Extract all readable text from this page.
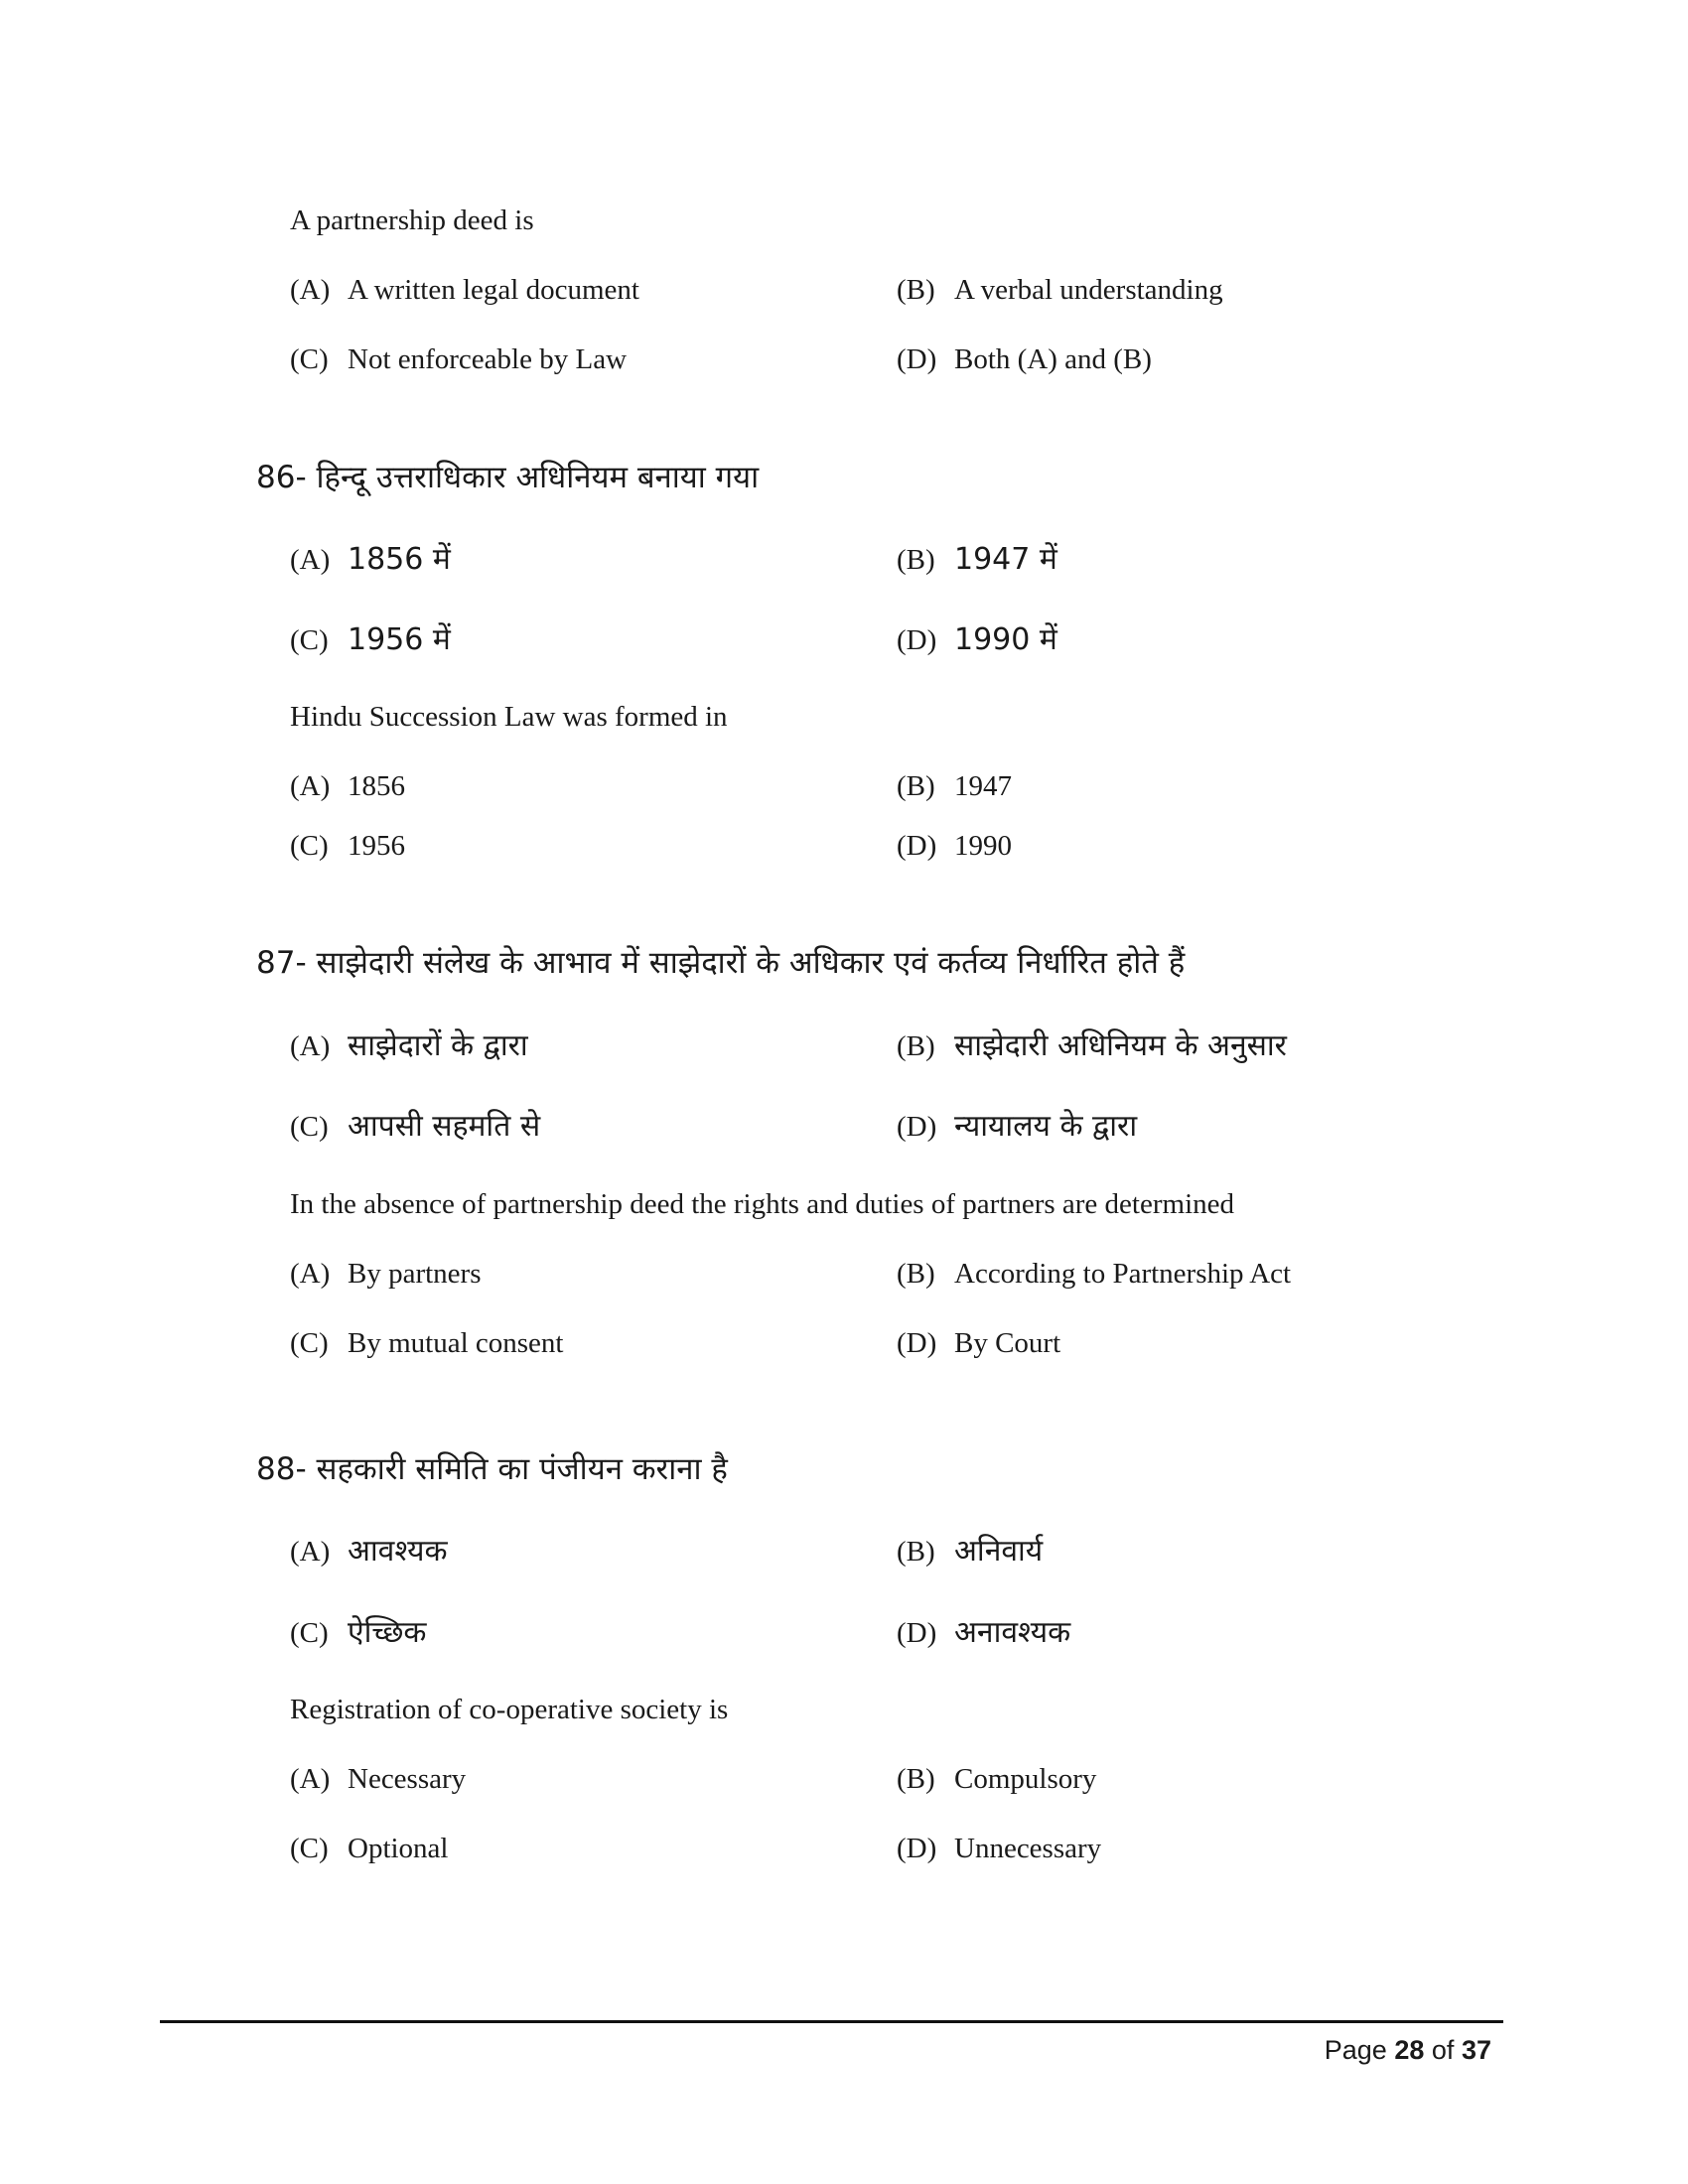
A partnership deed is
(A) A written legal document	(B) A verbal understanding
(C) Not enforceable by Law	(D) Both (A) and (B)
86- हिन्दू उत्तराधिकार अधिनियम बनाया गया
(A) 1856 में	(B) 1947 में
(C) 1956 में	(D) 1990 में
Hindu Succession Law was formed in
(A) 1856	(B) 1947
(C) 1956	(D) 1990
87- साझेदारी संलेख के आभाव में साझेदारों के अधिकार एवं कर्तव्य निर्धारित होते हैं
(A) साझेदारों के द्वारा	(B) साझेदारी अधिनियम के अनुसार
(C) आपसी सहमति से	(D) न्यायालय के द्वारा
In the absence of partnership deed the rights and duties of partners are determined
(A) By partners	(B) According to Partnership Act
(C) By mutual consent	(D) By Court
88- सहकारी समिति का पंजीयन कराना है
(A) आवश्यक	(B) अनिवार्य
(C) ऐच्छिक	(D) अनावश्यक
Registration of co-operative society is
(A) Necessary	(B) Compulsory
(C) Optional	(D) Unnecessary
Page 28 of 37
